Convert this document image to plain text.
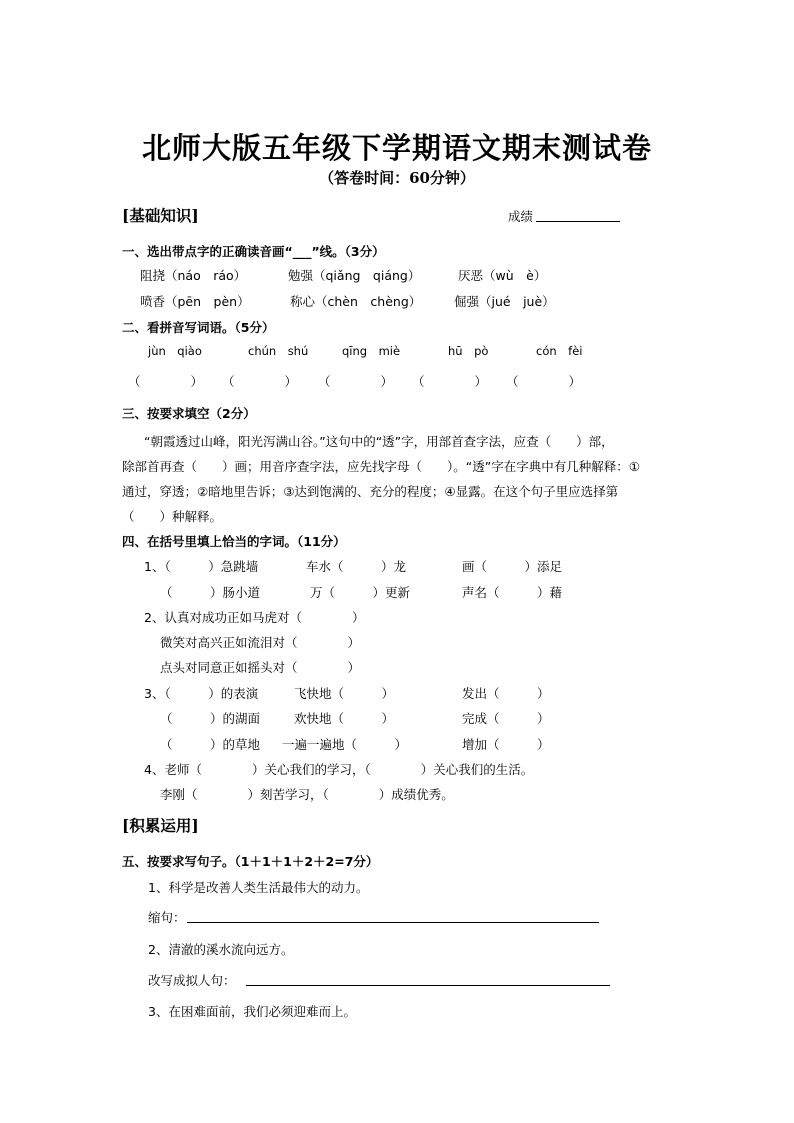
北师大版五年级下学期语文期末测试卷
（答卷时间：60分钟）
[基础知识]	成绩
一、选出带点字的正确读音画“___”线。（3分）
阻挠（náo　ráo）	勉强（qiǎng　qiáng）	厌恶（wù　è）
喷香（pēn　pèn）	称心（chèn　chèng）	倔强（jué　juè）
二、看拼音写词语。（5分）
jùn　qiào	chún　shú	qīng　miè	hū　pò	cón　fèi
（　　　　） （　　　　） （　　　　） （　　　　） （　　　　）
三、按要求填空（2分）
“朝霞透过山峰，阳光泻满山谷。”这句中的“透”字，用部首查字法，应查（　　）部，
除部首再查（　　）画；用音序查字法，应先找字母（　　）。“透”字在字典中有几种解释：①
通过，穿透；②暗地里告诉；③达到饱满的、充分的程度；④显露。在这个句子里应选择第
（　　）种解释。
四、在括号里填上恰当的字词。（11分）
1、（　　　）急跳墙	车水（　　　）龙	画（　　　）添足
（　　　）肠小道	万（　　　）更新	声名（　　　）藉
2、认真对成功正如马虎对（　　　　）
微笑对高兴正如流泪对（　　　　）
点头对同意正如摇头对（　　　　）
3、（　　　）的表演	飞快地（　　　）	发出（　　　）
（　　　）的湖面	欢快地（　　　）	完成（　　　）
（　　　）的草地 一遍一遍地（　　　）	增加（　　　）
4、老师（　　　　）关心我们的学习，（　　　　）关心我们的生活。
李刚（　　　　）刻苦学习，（　　　　）成绩优秀。
[积累运用]
五、按要求写句子。（1＋1＋1＋2＋2=7分）
1、科学是改善人类生活最伟大的动力。
缩句：
2、清澈的溪水流向远方。
改写成拟人句：
3、在困难面前，我们必须迎难而上。
